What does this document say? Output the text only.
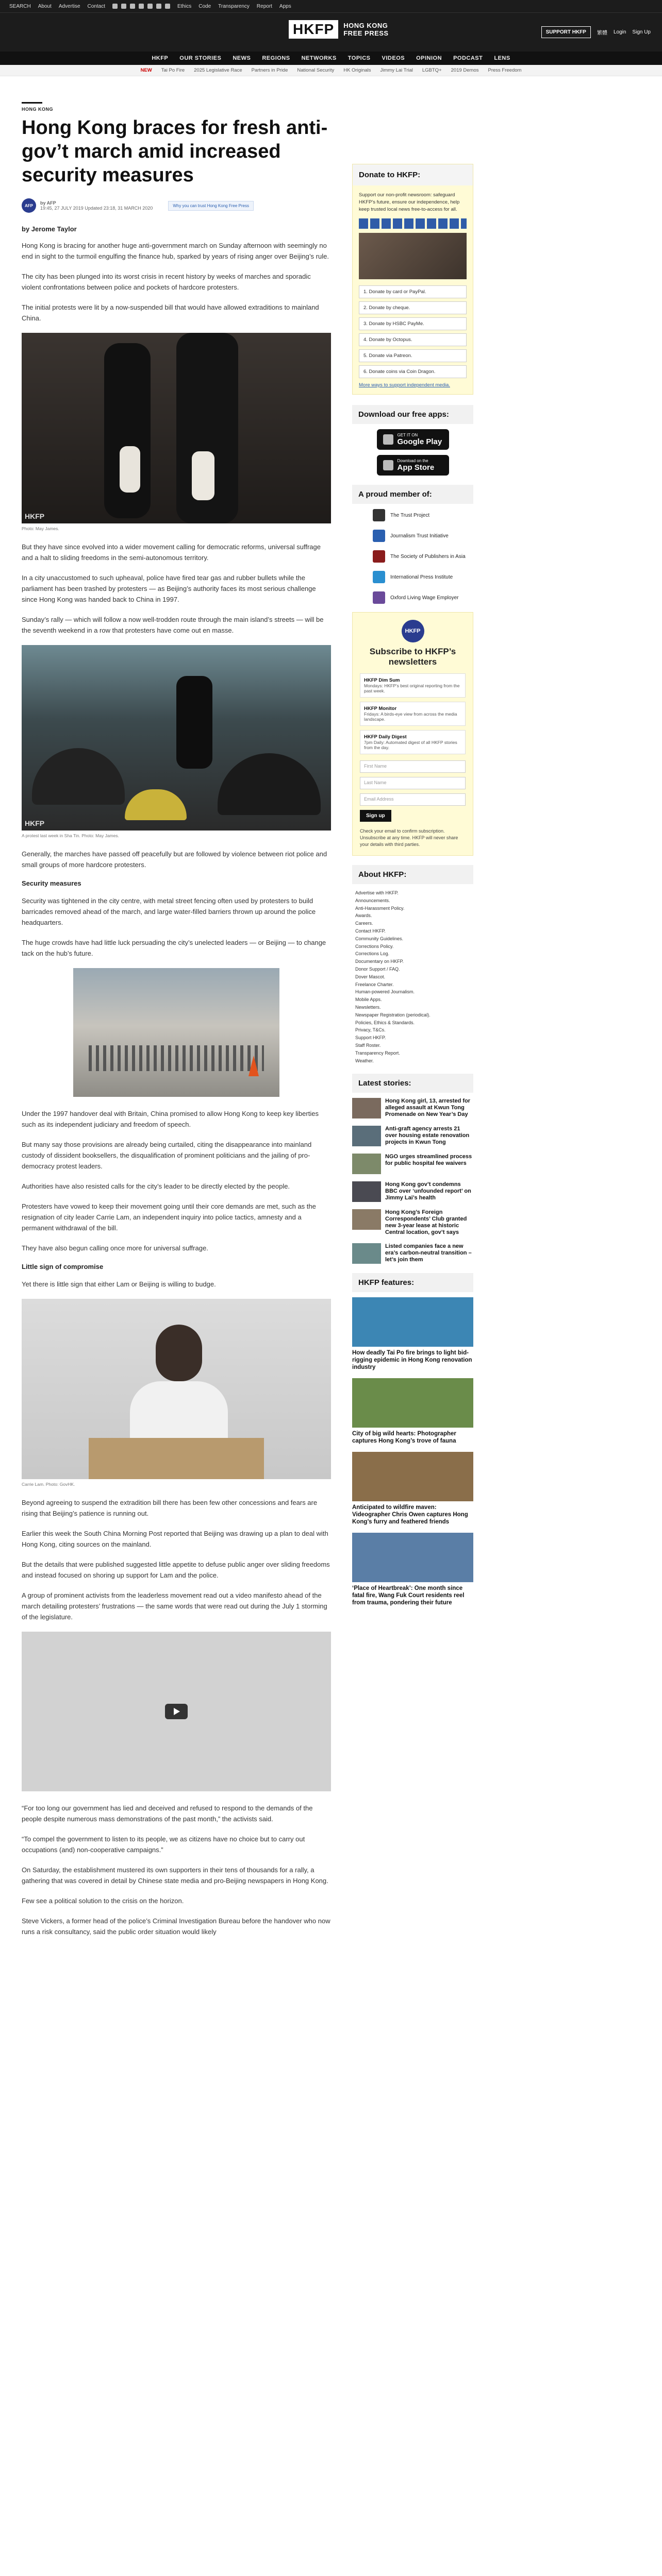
SEARCH About Advertise Contact	Ethics Code Transparency Report Apps
HKFP	HONG KONG
FREE PRESS	SUPPORT HKFP	繁體 Login Sign Up
HKFP OUR STORIES NEWS REGIONS NETWORKS TOPICS VIDEOS OPINION PODCAST LENS
NEW Tai Po Fire 2025 Legislative Race Partners in Pride National Security HK Originals Jimmy Lai Trial LGBTQ+ 2019 Demos Press Freedom
HONG KONG
Hong Kong braces for fresh anti-gov’t march amid increased security measures
AFP	by AFP
19:45, 27 JULY 2019 Updated 23:18, 31 MARCH 2020	Why you can trust Hong Kong Free Press
by Jerome Taylor

Hong Kong is bracing for another huge anti-government march on Sunday afternoon with seemingly no end in sight to the turmoil engulfing the finance hub, sparked by years of rising anger over Beijing’s rule.

The city has been plunged into its worst crisis in recent history by weeks of marches and sporadic violent confrontations between police and pockets of hardcore protesters.

The initial protests were lit by a now-suspended bill that would have allowed extraditions to mainland China.

HKFP
Photo: May James.

But they have since evolved into a wider movement calling for democratic reforms, universal suffrage and a halt to sliding freedoms in the semi-autonomous territory.

In a city unaccustomed to such upheaval, police have fired tear gas and rubber bullets while the parliament has been trashed by protesters — as Beijing’s authority faces its most serious challenge since Hong Kong was handed back to China in 1997.

Sunday’s rally — which will follow a now well-trodden route through the main island’s streets — will be the seventh weekend in a row that protesters have come out en masse.

HKFP
A protest last week in Sha Tin. Photo: May James.

Generally, the marches have passed off peacefully but are followed by violence between riot police and small groups of more hardcore protesters.

Security measures

Security was tightened in the city centre, with metal street fencing often used by protesters to build barricades removed ahead of the march, and large water-filled barriers thrown up around the police headquarters.

The huge crowds have had little luck persuading the city’s unelected leaders — or Beijing — to change tack on the hub’s future.

Under the 1997 handover deal with Britain, China promised to allow Hong Kong to keep key liberties such as its independent judiciary and freedom of speech.

But many say those provisions are already being curtailed, citing the disappearance into mainland custody of dissident booksellers, the disqualification of prominent politicians and the jailing of pro-democracy protest leaders.

Authorities have also resisted calls for the city’s leader to be directly elected by the people.

Protesters have vowed to keep their movement going until their core demands are met, such as the resignation of city leader Carrie Lam, an independent inquiry into police tactics, amnesty and a permanent withdrawal of the bill.

They have also begun calling once more for universal suffrage.

Little sign of compromise

Yet there is little sign that either Lam or Beijing is willing to budge.

Carrie Lam. Photo: GovHK.

Beyond agreeing to suspend the extradition bill there has been few other concessions and fears are rising that Beijing’s patience is running out.

Earlier this week the South China Morning Post reported that Beijing was drawing up a plan to deal with Hong Kong, citing sources on the mainland.

But the details that were published suggested little appetite to defuse public anger over sliding freedoms and instead focused on shoring up support for Lam and the police.

A group of prominent activists from the leaderless movement read out a video manifesto ahead of the march detailing protesters’ frustrations — the same words that were read out during the July 1 storming of the legislature.

“For too long our government has lied and deceived and refused to respond to the demands of the people despite numerous mass demonstrations of the past month,” the activists said.

“To compel the government to listen to its people, we as citizens have no choice but to carry out occupations (and) non-cooperative campaigns.”

On Saturday, the establishment mustered its own supporters in their tens of thousands for a rally, a gathering that was covered in detail by Chinese state media and pro-Beijing newspapers in Hong Kong.

Few see a political solution to the crisis on the horizon.

Steve Vickers, a former head of the police’s Criminal Investigation Bureau before the handover who now runs a risk consultancy, said the public order situation would likely

Donate to HKFP:

Support our non-profit newsroom: safeguard HKFP’s future, ensure our independence, help keep trusted local news free-to-access for all.

1. Donate by card or PayPal.
2. Donate by cheque.
3. Donate by HSBC PayMe.
4. Donate by Octopus.
5. Donate via Patreon.
6. Donate coins via Coin Dragon.
More ways to support independent media.
Download our free apps:
GET IT ON
Google Play
Download on the
App Store
A proud member of:
The Trust Project
Journalism Trust Initiative
The Society of Publishers in Asia
International Press Institute
Oxford Living Wage Employer
HKFP
Subscribe to HKFP’s newsletters
HKFP Dim Sum
Mondays: HKFP’s best original reporting from the past week.
HKFP Monitor
Fridays: A birds-eye view from across the media landscape.
HKFP Daily Digest
7pm Daily: Automated digest of all HKFP stories from the day.
First Name
Last Name
Email Address
Sign up

Check your email to confirm subscription. Unsubscribe at any time. HKFP will never share your details with third parties.

About HKFP:
Advertise with HKFP.
Announcements.
Anti-Harassment Policy.
Awards.
Careers.
Contact HKFP.
Community Guidelines.
Corrections Policy.
Corrections Log.
Documentary on HKFP.
Donor Support / FAQ.
Dover Mascot.
Freelance Charter.
Human-powered Journalism.
Mobile Apps.
Newsletters.
Newspaper Registration (periodical).
Policies, Ethics & Standards.
Privacy, T&Cs.
Support HKFP.
Staff Roster.
Transparency Report.
Weather.
Latest stories:
Hong Kong girl, 13, arrested for alleged assault at Kwun Tong Promenade on New Year’s Day
Anti-graft agency arrests 21 over housing estate renovation projects in Kwun Tong
NGO urges streamlined process for public hospital fee waivers
Hong Kong gov’t condemns BBC over ‘unfounded report’ on Jimmy Lai’s health
Hong Kong’s Foreign Correspondents’ Club granted new 3-year lease at historic Central location, gov’t says
Listed companies face a new era’s carbon-neutral transition – let’s join them
HKFP features:
How deadly Tai Po fire brings to light bid-rigging epidemic in Hong Kong renovation industry
City of big wild hearts: Photographer captures Hong Kong’s trove of fauna
Anticipated to wildfire maven: Videographer Chris Owen captures Hong Kong’s furry and feathered friends
‘Place of Heartbreak’: One month since fatal fire, Wang Fuk Court residents reel from trauma, pondering their future
